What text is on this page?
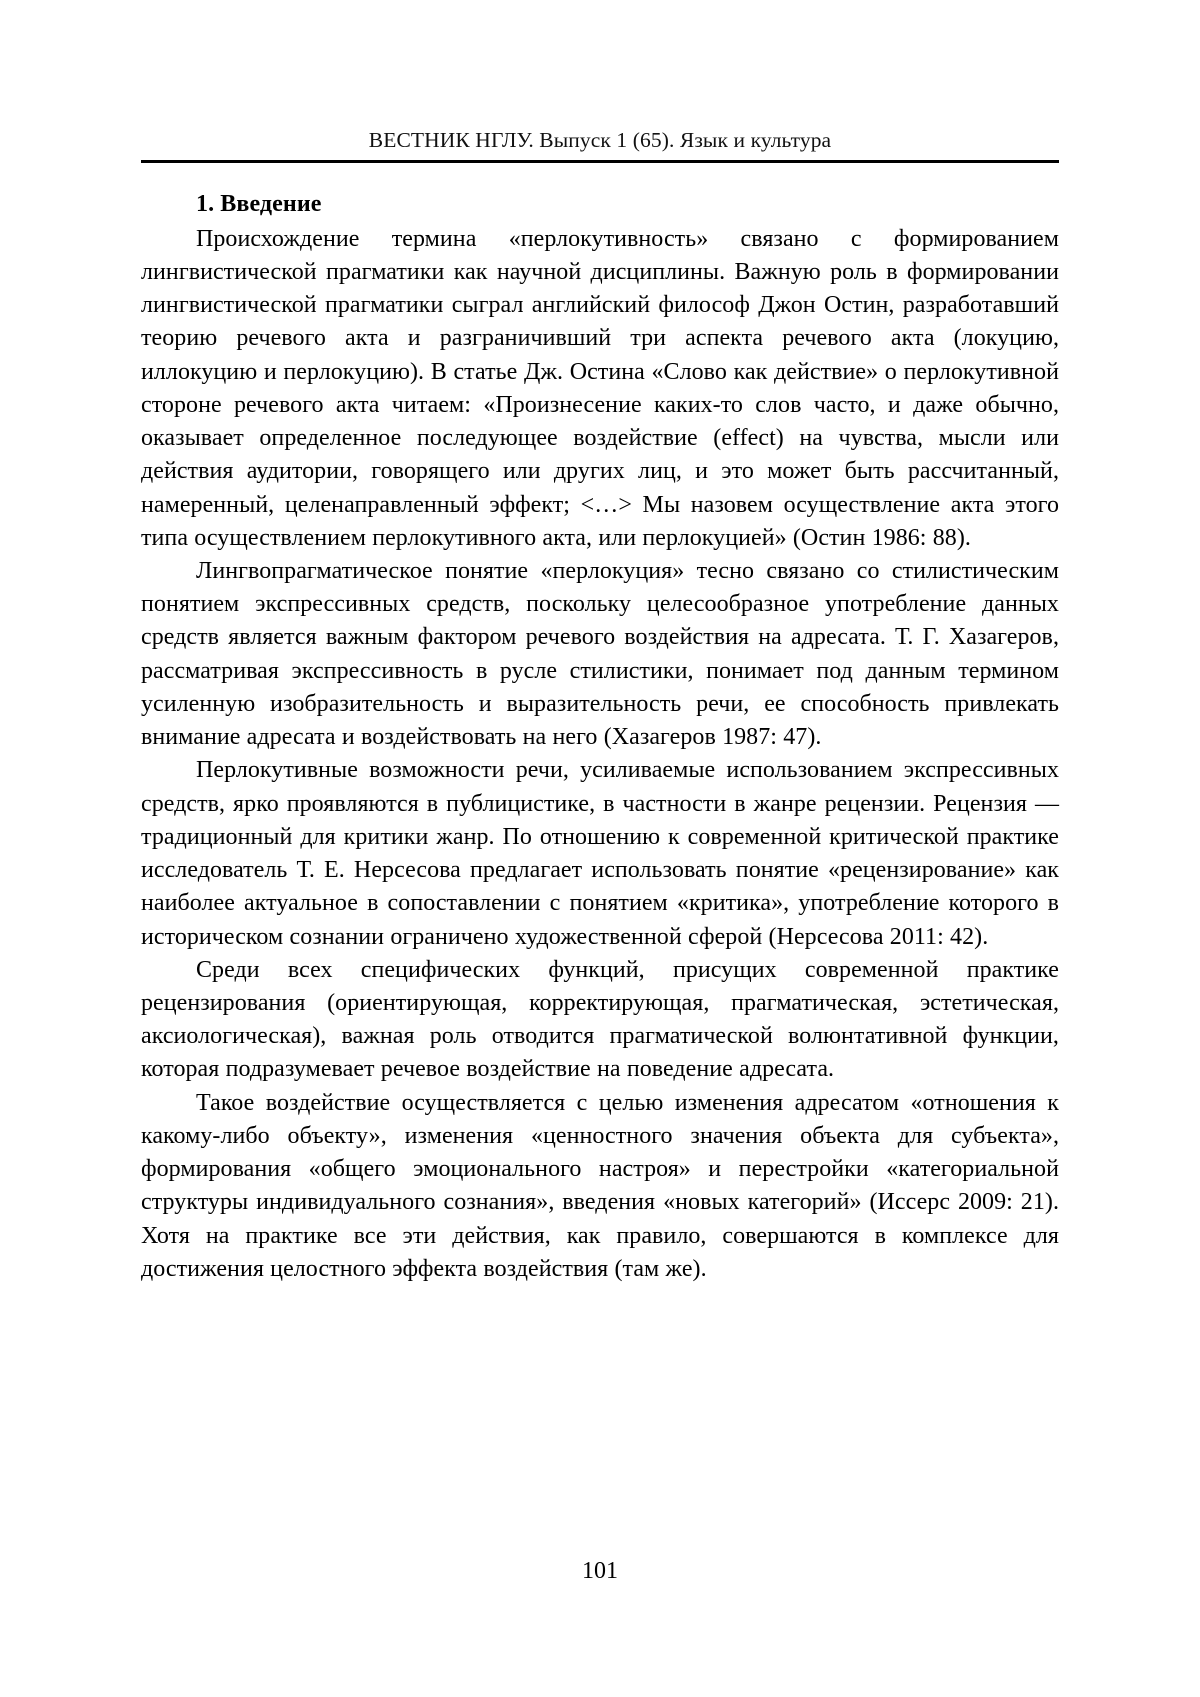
ВЕСТНИК НГЛУ. Выпуск 1 (65). Язык и культура
1. Введение

Происхождение термина «перлокутивность» связано с формированием лингвистической прагматики как научной дисциплины. Важную роль в формировании лингвистической прагматики сыграл английский философ Джон Остин, разработавший теорию речевого акта и разграничивший три аспекта речевого акта (локуцию, иллокуцию и перлокуцию). В статье Дж. Остина «Слово как действие» о перлокутивной стороне речевого акта читаем: «Произнесение каких-то слов часто, и даже обычно, оказывает определенное последующее воздействие (effect) на чувства, мысли или действия аудитории, говорящего или других лиц, и это может быть рассчитанный, намеренный, целенаправленный эффект; <…> Мы назовем осуществление акта этого типа осуществлением перлокутивного акта, или перлокуцией» (Остин 1986: 88).

Лингвопрагматическое понятие «перлокуция» тесно связано со стилистическим понятием экспрессивных средств, поскольку целесообразное употребление данных средств является важным фактором речевого воздействия на адресата. Т. Г. Хазагеров, рассматривая экспрессивность в русле стилистики, понимает под данным термином усиленную изобразительность и выразительность речи, ее способность привлекать внимание адресата и воздействовать на него (Хазагеров 1987: 47).

Перлокутивные возможности речи, усиливаемые использованием экспрессивных средств, ярко проявляются в публицистике, в частности в жанре рецензии. Рецензия — традиционный для критики жанр. По отношению к современной критической практике исследователь Т. Е. Нерсесова предлагает использовать понятие «рецензирование» как наиболее актуальное в сопоставлении с понятием «критика», употребление которого в историческом сознании ограничено художественной сферой (Нерсесова 2011: 42).

Среди всех специфических функций, присущих современной практике рецензирования (ориентирующая, корректирующая, прагматическая, эстетическая, аксиологическая), важная роль отводится прагматической волюнтативной функции, которая подразумевает речевое воздействие на поведение адресата.

Такое воздействие осуществляется с целью изменения адресатом «отношения к какому-либо объекту», изменения «ценностного значения объекта для субъекта», формирования «общего эмоционального настроя» и перестройки «категориальной структуры индивидуального сознания», введения «новых категорий» (Иссерс 2009: 21). Хотя на практике все эти действия, как правило, совершаются в комплексе для достижения целостного эффекта воздействия (там же).

101
